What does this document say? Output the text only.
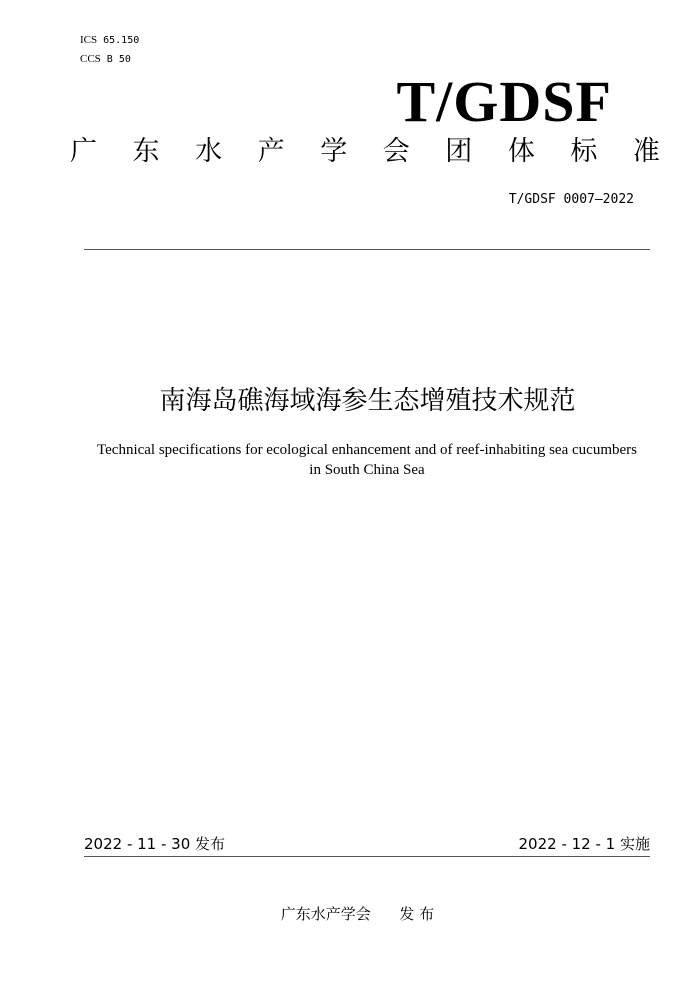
ICS 65.150
CCS B 50
T/GDSF
广 东 水 产 学 会 团 体 标 准
T/GDSF 0007—2022
南海岛礁海域海参生态增殖技术规范
Technical specifications for ecological enhancement and of reef-inhabiting sea cucumbers in South China Sea
2022 - 11 - 30 发布	2022 - 12 - 1 实施
广东水产学会      发 布
